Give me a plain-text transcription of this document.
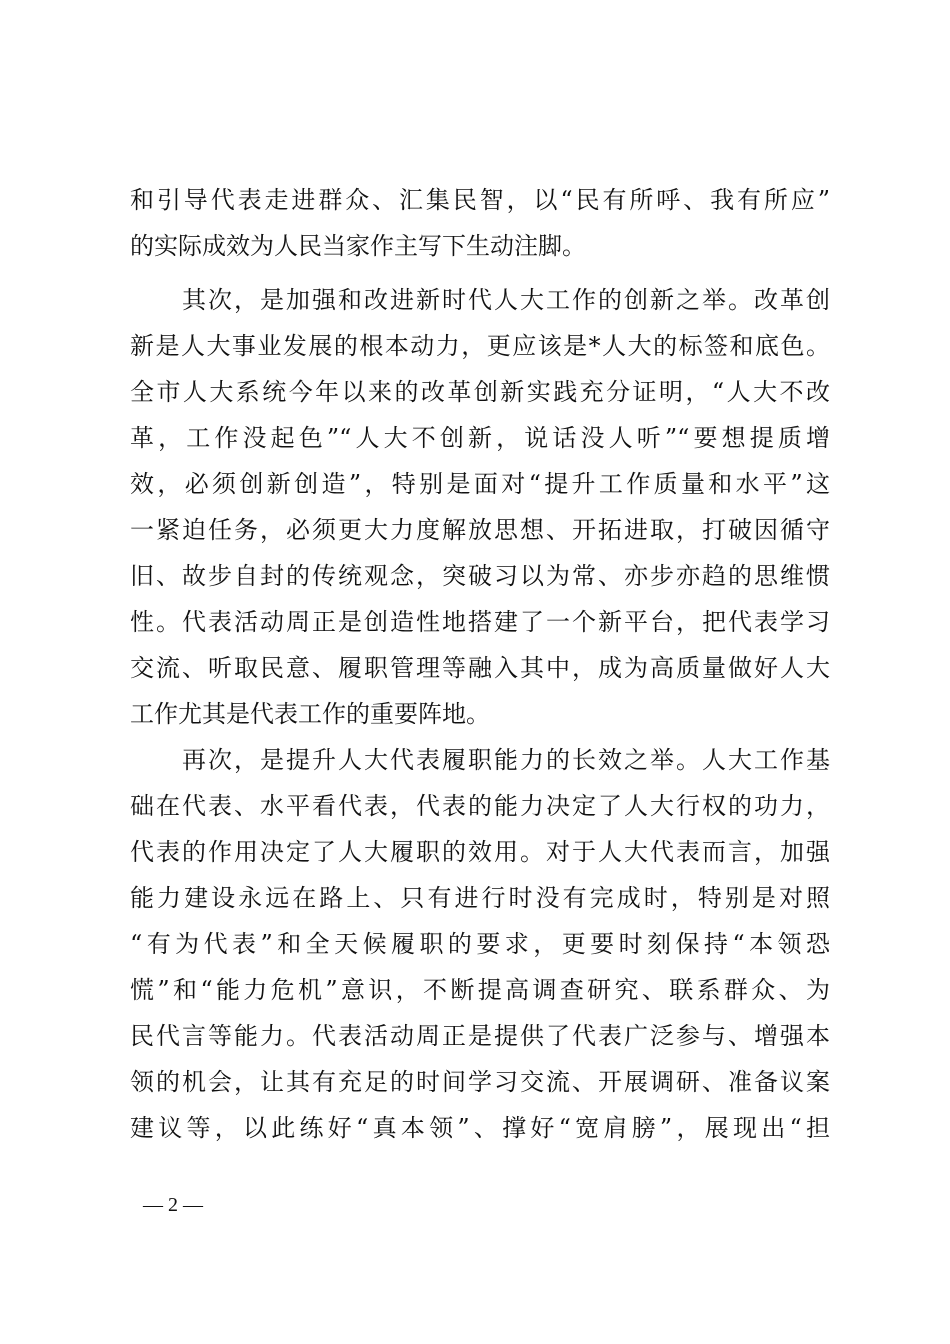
和引导代表走进群众、汇集民智，以“民有所呼、我有所应”
的实际成效为人民当家作主写下生动注脚。
　　其次，是加强和改进新时代人大工作的创新之举。改革创
新是人大事业发展的根本动力，更应该是*人大的标签和底色。
全市人大系统今年以来的改革创新实践充分证明，“人大不改
革，工作没起色”“人大不创新，说话没人听”“要想提质增
效，必须创新创造”，特别是面对“提升工作质量和水平”这
一紧迫任务，必须更大力度解放思想、开拓进取，打破因循守
旧、故步自封的传统观念，突破习以为常、亦步亦趋的思维惯
性。代表活动周正是创造性地搭建了一个新平台，把代表学习
交流、听取民意、履职管理等融入其中，成为高质量做好人大
工作尤其是代表工作的重要阵地。
　　再次，是提升人大代表履职能力的长效之举。人大工作基
础在代表、水平看代表，代表的能力决定了人大行权的功力，
代表的作用决定了人大履职的效用。对于人大代表而言，加强
能力建设永远在路上、只有进行时没有完成时，特别是对照
“有为代表”和全天候履职的要求，更要时刻保持“本领恐
慌”和“能力危机”意识，不断提高调查研究、联系群众、为
民代言等能力。代表活动周正是提供了代表广泛参与、增强本
领的机会，让其有充足的时间学习交流、开展调研、准备议案
建议等，以此练好“真本领”、撑好“宽肩膀”，展现出“担
— 2 —
